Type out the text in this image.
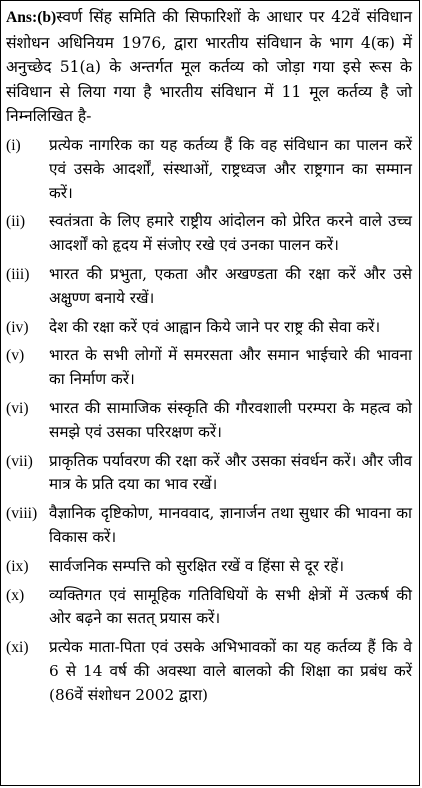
Ans:(b)स्वर्ण सिंह समिति की सिफारिशों के आधार पर 42वें संविधान संशोधन अधिनियम 1976, द्वारा भारतीय संविधान के भाग 4(क) में अनुच्छेद 51(a) के अन्तर्गत मूल कर्तव्य को जोड़ा गया इसे रूस के संविधान से लिया गया है भारतीय संविधान में 11 मूल कर्तव्य है जो निम्नलिखित है-

(i)	प्रत्येक नागरिक का यह कर्तव्य हैं कि वह संविधान का पालन करें एवं उसके आदर्शों, संस्थाओं, राष्ट्रध्वज और राष्ट्रगान का सम्मान करें।
(ii)	स्वतंत्रता के लिए हमारे राष्ट्रीय आंदोलन को प्रेरित करने वाले उच्च आदर्शों को हृदय में संजोए रखे एवं उनका पालन करें।
(iii)	भारत की प्रभुता, एकता और अखण्डता की रक्षा करें और उसे अक्षुण्ण बनाये रखें।
(iv)	देश की रक्षा करें एवं आह्वान किये जाने पर राष्ट्र की सेवा करें।
(v)	भारत के सभी लोगों में समरसता और समान भाईचारे की भावना का निर्माण करें।
(vi)	भारत की सामाजिक संस्कृति की गौरवशाली परम्परा के महत्व को समझे एवं उसका परिरक्षण करें।
(vii)	प्राकृतिक पर्यावरण की रक्षा करें और उसका संवर्धन करें। और जीव मात्र के प्रति दया का भाव रखें।
(viii) वैज्ञानिक दृष्टिकोण, मानववाद, ज्ञानार्जन तथा सुधार की भावना का विकास करें।
(ix)	सार्वजनिक सम्पत्ति को सुरक्षित रखें व हिंसा से दूर रहें।
(x)	व्यक्तिगत एवं सामूहिक गतिविधियों के सभी क्षेत्रों में उत्कर्ष की ओर बढ़ने का सतत् प्रयास करें।
(xi)	प्रत्येक माता-पिता एवं उसके अभिभावकों का यह कर्तव्य हैं कि वे 6 से 14 वर्ष की अवस्था वाले बालको की शिक्षा का प्रबंध करें (86वें संशोधन 2002 द्वारा)
